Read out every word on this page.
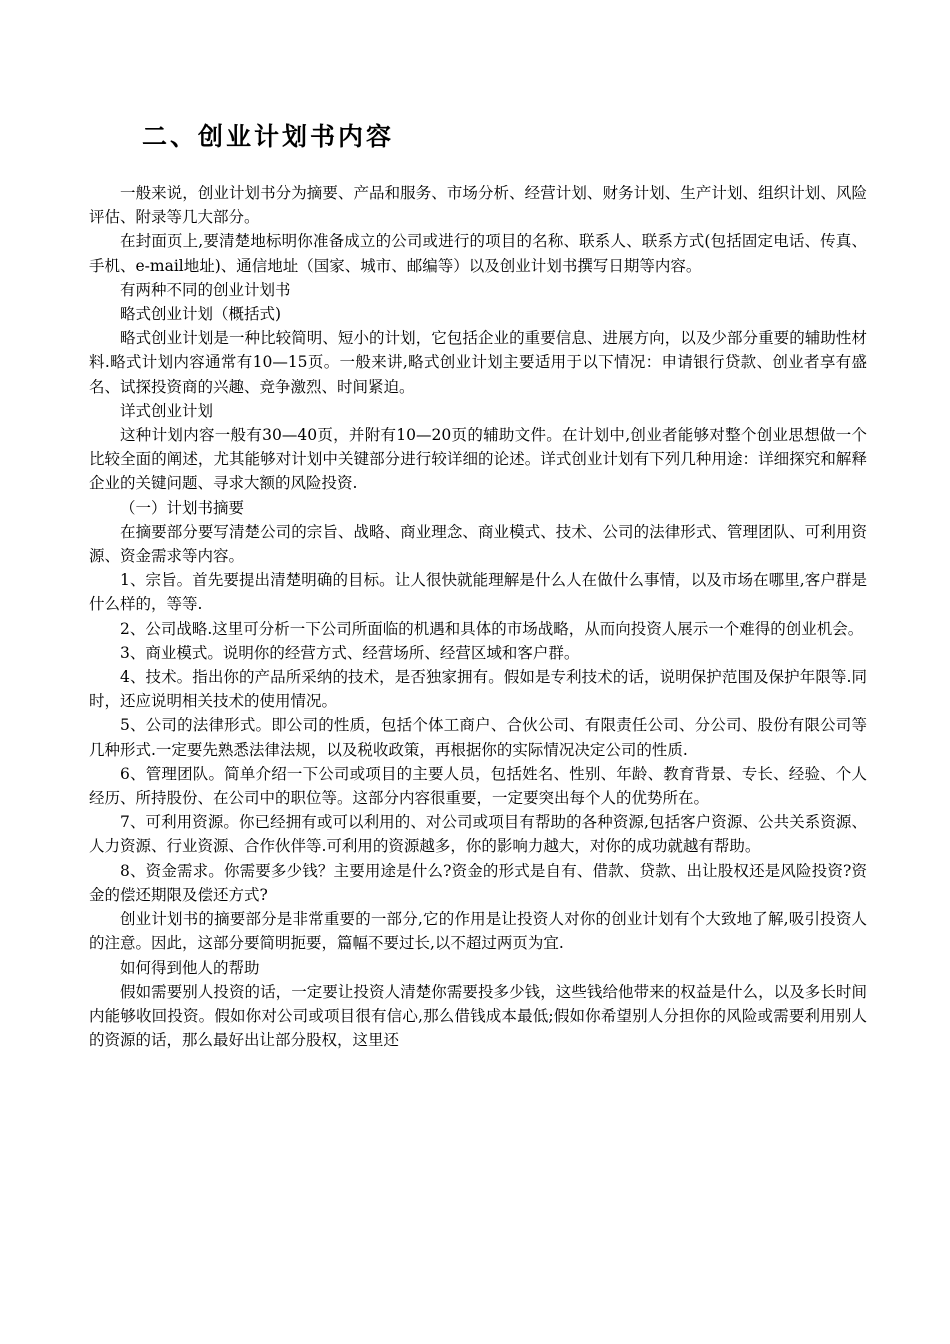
二、创业计划书内容

一般来说，创业计划书分为摘要、产品和服务、市场分析、经营计划、财务计划、生产计划、组织计划、风险评估、附录等几大部分。

在封面页上,要清楚地标明你准备成立的公司或进行的项目的名称、联系人、联系方式(包括固定电话、传真、手机、e-mail地址)、通信地址（国家、城市、邮编等）以及创业计划书撰写日期等内容。

有两种不同的创业计划书

略式创业计划（概括式)

略式创业计划是一种比较简明、短小的计划，它包括企业的重要信息、进展方向，以及少部分重要的辅助性材料.略式计划内容通常有10—15页。一般来讲,略式创业计划主要适用于以下情况：申请银行贷款、创业者享有盛名、试探投资商的兴趣、竞争激烈、时间紧迫。

详式创业计划

这种计划内容一般有30—40页，并附有10—20页的辅助文件。在计划中,创业者能够对整个创业思想做一个比较全面的阐述，尤其能够对计划中关键部分进行较详细的论述。详式创业计划有下列几种用途：详细探究和解释企业的关键问题、寻求大额的风险投资.

（一）计划书摘要

在摘要部分要写清楚公司的宗旨、战略、商业理念、商业模式、技术、公司的法律形式、管理团队、可利用资源、资金需求等内容。

1、宗旨。首先要提出清楚明确的目标。让人很快就能理解是什么人在做什么事情，以及市场在哪里,客户群是什么样的，等等.

2、公司战略.这里可分析一下公司所面临的机遇和具体的市场战略，从而向投资人展示一个难得的创业机会。

3、商业模式。说明你的经营方式、经营场所、经营区域和客户群。

4、技术。指出你的产品所采纳的技术，是否独家拥有。假如是专利技术的话，说明保护范围及保护年限等.同时，还应说明相关技术的使用情况。

5、公司的法律形式。即公司的性质，包括个体工商户、合伙公司、有限责任公司、分公司、股份有限公司等几种形式.一定要先熟悉法律法规，以及税收政策，再根据你的实际情况决定公司的性质.

6、管理团队。简单介绍一下公司或项目的主要人员，包括姓名、性别、年龄、教育背景、专长、经验、个人经历、所持股份、在公司中的职位等。这部分内容很重要，一定要突出每个人的优势所在。

7、可利用资源。你已经拥有或可以利用的、对公司或项目有帮助的各种资源,包括客户资源、公共关系资源、人力资源、行业资源、合作伙伴等.可利用的资源越多，你的影响力越大，对你的成功就越有帮助。

8、资金需求。你需要多少钱？主要用途是什么?资金的形式是自有、借款、贷款、出让股权还是风险投资?资金的偿还期限及偿还方式?

创业计划书的摘要部分是非常重要的一部分,它的作用是让投资人对你的创业计划有个大致地了解,吸引投资人的注意。因此，这部分要简明扼要，篇幅不要过长,以不超过两页为宜.

如何得到他人的帮助

假如需要别人投资的话，一定要让投资人清楚你需要投多少钱，这些钱给他带来的权益是什么，以及多长时间内能够收回投资。假如你对公司或项目很有信心,那么借钱成本最低;假如你希望别人分担你的风险或需要利用别人的资源的话，那么最好出让部分股权，这里还
